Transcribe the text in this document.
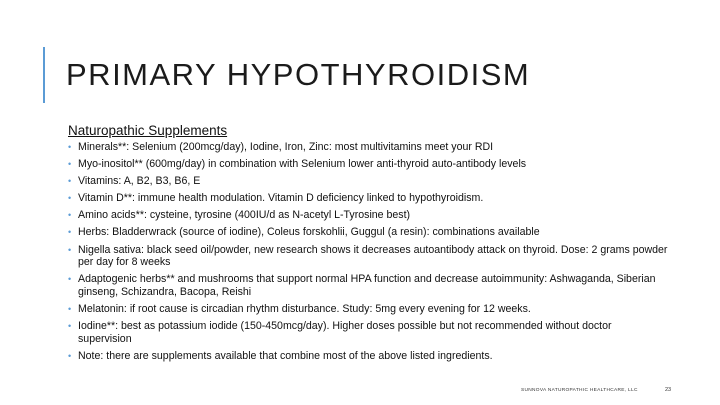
PRIMARY HYPOTHYROIDISM
Naturopathic Supplements
• Minerals**: Selenium (200mcg/day), Iodine, Iron, Zinc: most multivitamins meet your RDI
• Myo-inositol** (600mg/day) in combination with Selenium lower anti-thyroid auto-antibody levels
• Vitamins: A, B2, B3, B6, E
• Vitamin D**: immune health modulation. Vitamin D deficiency linked to hypothyroidism.
• Amino acids**: cysteine, tyrosine (400IU/d as N-acetyl L-Tyrosine best)
• Herbs: Bladderwrack (source of iodine), Coleus forskohlii, Guggul (a resin): combinations available
• Nigella sativa: black seed oil/powder, new research shows it decreases autoantibody attack on thyroid. Dose: 2 grams powder per day for 8 weeks
• Adaptogenic herbs** and mushrooms that support normal HPA function and decrease autoimmunity: Ashwaganda, Siberian ginseng, Schizandra, Bacopa, Reishi
• Melatonin: if root cause is circadian rhythm disturbance. Study: 5mg every evening for 12 weeks.
• Iodine**: best as potassium iodide (150-450mcg/day). Higher doses possible but not recommended without doctor supervision
• Note: there are supplements available that combine most of the above listed ingredients.
SUNNOVA NATUROPATHIC HEALTHCARE, LLC	23
